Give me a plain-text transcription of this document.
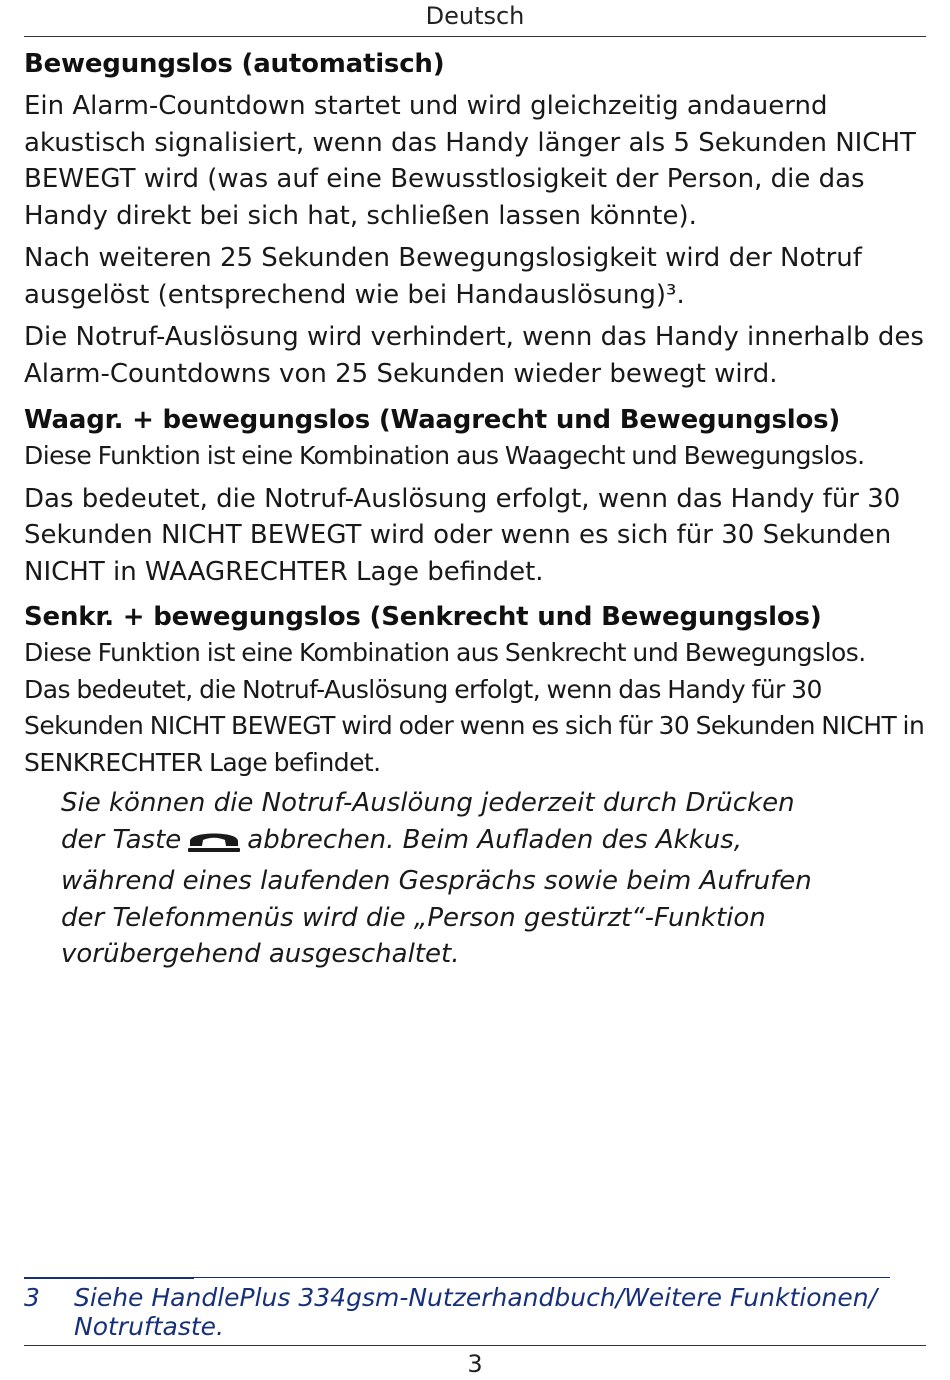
Deutsch
Bewegungslos (automatisch)

Ein Alarm-Countdown startet und wird gleichzeitig andauernd akustisch signalisiert, wenn das Handy länger als 5 Sekunden NICHT BEWEGT wird (was auf eine Bewusstlosigkeit der Person, die das Handy direkt bei sich hat, schließen lassen könnte).

Nach weiteren 25 Sekunden Bewegungslosigkeit wird der Notruf ausgelöst (entsprechend wie bei Handauslösung)³.

Die Notruf-Auslösung wird verhindert, wenn das Handy innerhalb des Alarm-Countdowns von 25 Sekunden wieder bewegt wird.

Waagr. + bewegungslos (Waagrecht und Bewegungslos)

Diese Funktion ist eine Kombination aus Waagecht und Bewegungslos.

Das bedeutet, die Notruf-Auslösung erfolgt, wenn das Handy für 30 Sekunden NICHT BEWEGT wird oder wenn es sich für 30 Sekunden NICHT in WAAGRECHTER Lage befindet.

Senkr. + bewegungslos (Senkrecht und Bewegungslos)

Diese Funktion ist eine Kombination aus Senkrecht und Bewegungslos.

Das bedeutet, die Notruf-Auslösung erfolgt, wenn das Handy für 30 Sekunden NICHT BEWEGT wird oder wenn es sich für 30 Sekunden NICHT in SENKRECHTER Lage befindet.

Sie können die Notruf-Auslöung jederzeit durch Drücken der Taste	abbrechen. Beim Aufladen des Akkus, während eines laufenden Gesprächs sowie beim Aufrufen der Telefonmenüs wird die „Person gestürzt“-Funktion vorübergehend ausgeschaltet.

3 Siehe HandlePlus 334gsm-Nutzerhandbuch/Weitere Funktionen/ Notruftaste.
3
